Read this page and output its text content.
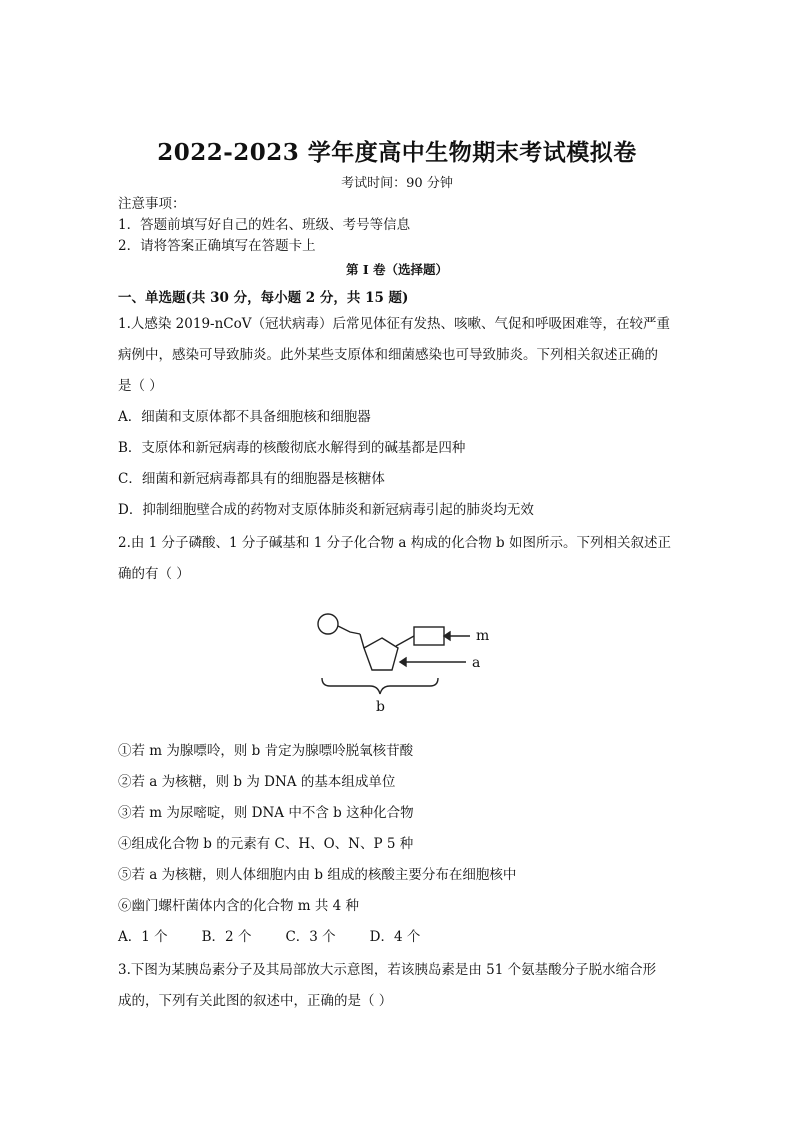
2022-2023 学年度高中生物期末考试模拟卷
考试时间：90 分钟
注意事项：
1．答题前填写好自己的姓名、班级、考号等信息
2．请将答案正确填写在答题卡上
第 I 卷（选择题）
一、单选题(共 30 分，每小题 2 分，共 15 题)
1.人感染 2019-nCoV（冠状病毒）后常见体征有发热、咳嗽、气促和呼吸困难等，在较严重
病例中，感染可导致肺炎。此外某些支原体和细菌感染也可导致肺炎。下列相关叙述正确的
是（ ）
A．细菌和支原体都不具备细胞核和细胞器
B．支原体和新冠病毒的核酸彻底水解得到的碱基都是四种
C．细菌和新冠病毒都具有的细胞器是核糖体
D．抑制细胞壁合成的药物对支原体肺炎和新冠病毒引起的肺炎均无效
2.由 1 分子磷酸、1 分子碱基和 1 分子化合物 a 构成的化合物 b 如图所示。下列相关叙述正
确的有（ ）
m
a
b
①若 m 为腺嘌呤，则 b 肯定为腺嘌呤脱氧核苷酸
②若 a 为核糖，则 b 为 DNA 的基本组成单位
③若 m 为尿嘧啶，则 DNA 中不含 b 这种化合物
④组成化合物 b 的元素有 C、H、O、N、P 5 种
⑤若 a 为核糖，则人体细胞内由 b 组成的核酸主要分布在细胞核中
⑥幽门螺杆菌体内含的化合物 m 共 4 种
A．1 个	B．2 个	C．3 个	D．4 个
3.下图为某胰岛素分子及其局部放大示意图，若该胰岛素是由 51 个氨基酸分子脱水缩合形
成的，下列有关此图的叙述中，正确的是（ ）
